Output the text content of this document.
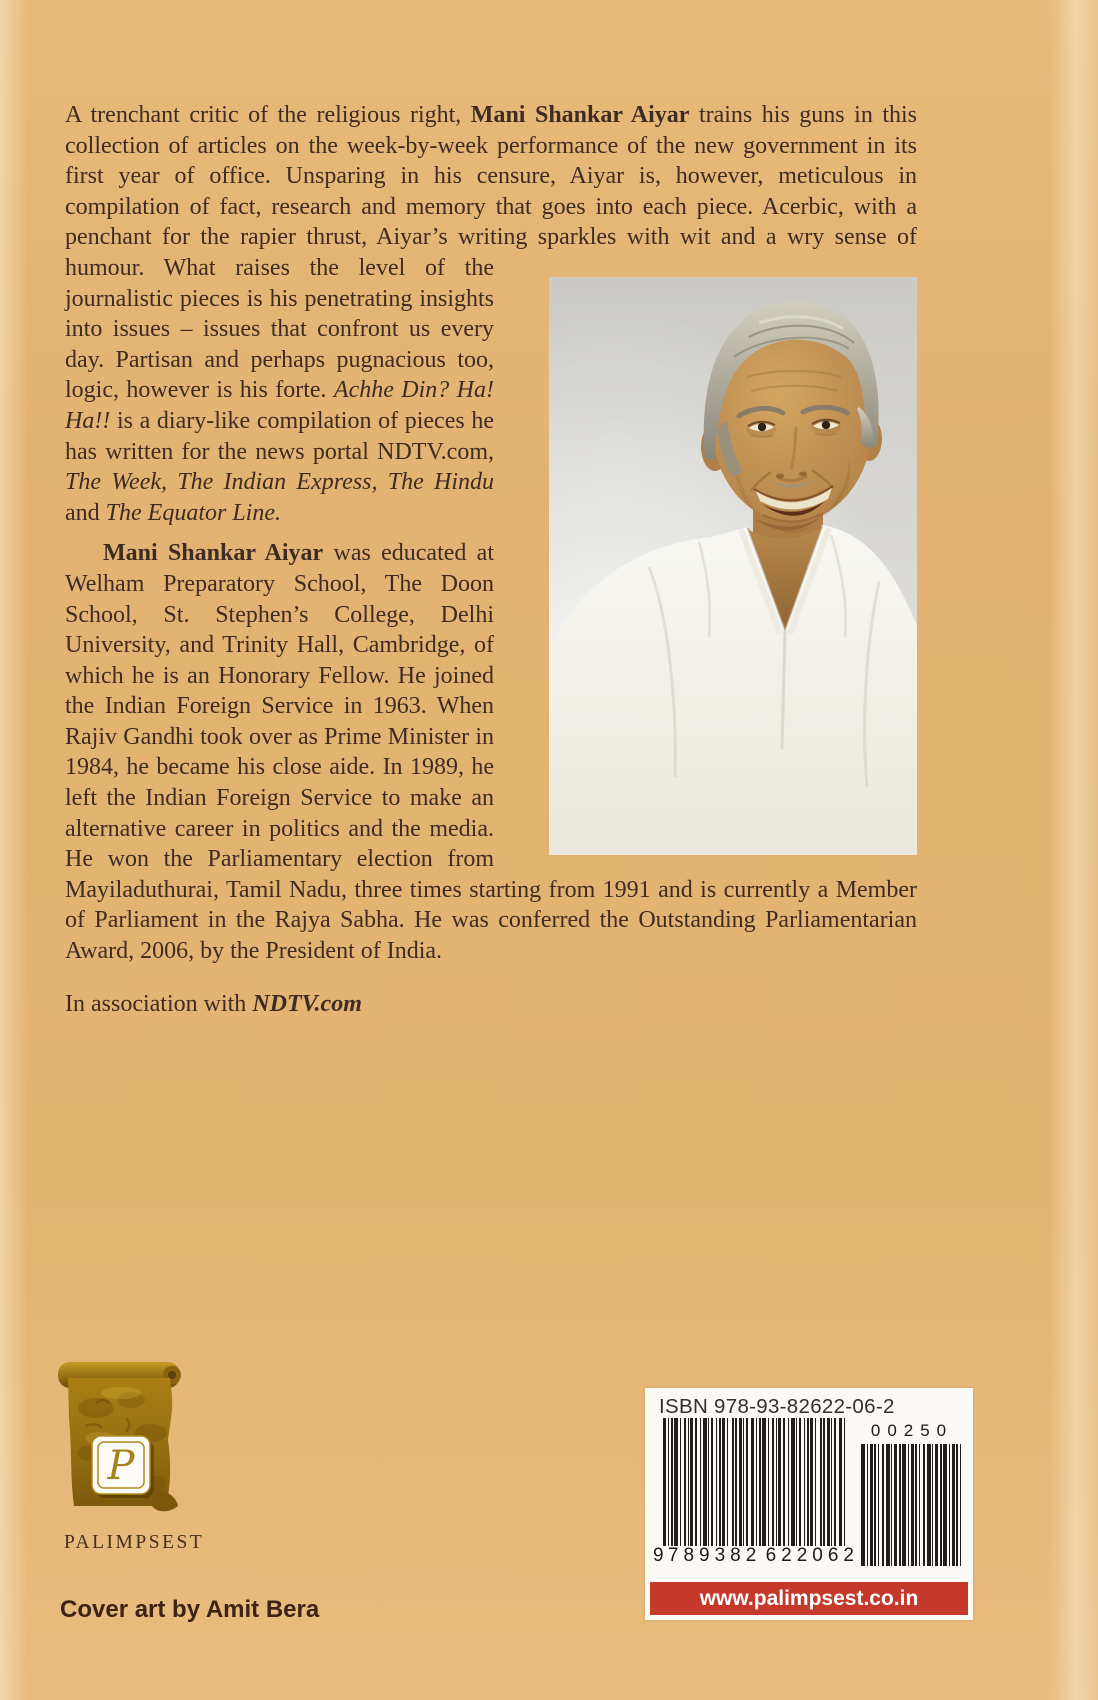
A trenchant critic of the religious right, Mani Shankar Aiyar trains his guns in this collection of articles on the week-by-week performance of the new government in its first year of office. Unsparing in his censure, Aiyar is, however, meticulous in compilation of fact, research and memory that goes into each piece. Acerbic, with a penchant for the rapier thrust, Aiyar’s writing sparkles with wit and a wry sense of humour. What raises the level
of the journalistic pieces is his penetrating insights into issues – issues that confront us every day. Partisan and perhaps pugnacious too, logic, however is his forte. Achhe Din? Ha! Ha!! is a diary-like compilation of pieces he has written for the news portal NDTV.com, The Week, The Indian Express, The Hindu and The Equator Line.

Mani Shankar Aiyar was educated at Welham Preparatory School, The Doon School, St. Stephen’s College, Delhi University, and Trinity Hall, Cambridge, of which he is an Honorary Fellow. He joined the Indian Foreign Service in 1963. When Rajiv Gandhi took over as Prime Minister in 1984, he became his close aide. In 1989, he left the Indian Foreign Service to make an alternative career in politics and the media. He won the Parliamentary election from Mayiladuthurai, Tamil Nadu, three times starting from 1991 and is currently a Member of Parliament in the Rajya Sabha. He was conferred the Outstanding Parliamentarian Award, 2006, by the President of India.

In association with NDTV.com

P
PALIMPSEST
Cover art by Amit Bera
ISBN 978-93-82622-06-2
9 789382 622062
00250
www.palimpsest.co.in
